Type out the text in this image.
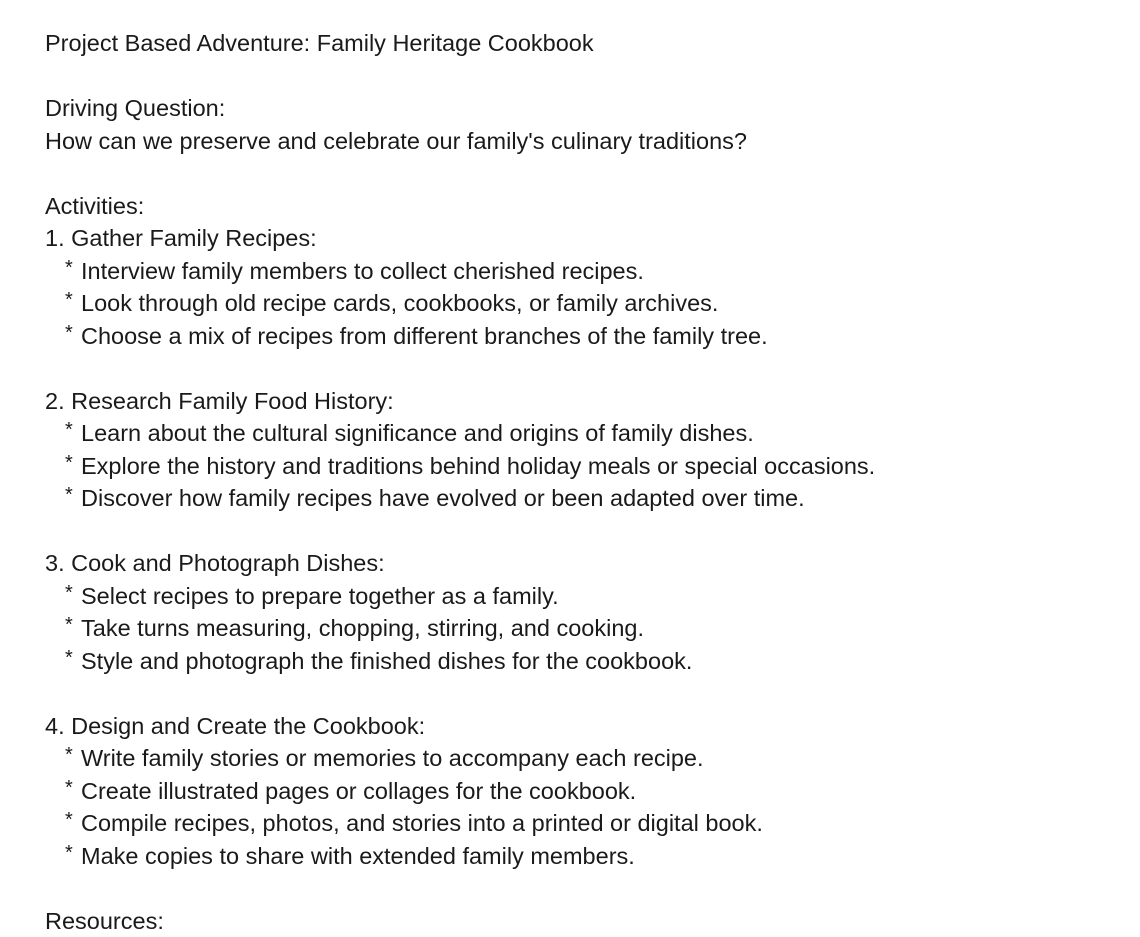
Project Based Adventure: Family Heritage Cookbook
Driving Question:
How can we preserve and celebrate our family's culinary traditions?
Activities:
1. Gather Family Recipes:
* Interview family members to collect cherished recipes.
* Look through old recipe cards, cookbooks, or family archives.
* Choose a mix of recipes from different branches of the family tree.
2. Research Family Food History:
* Learn about the cultural significance and origins of family dishes.
* Explore the history and traditions behind holiday meals or special occasions.
* Discover how family recipes have evolved or been adapted over time.
3. Cook and Photograph Dishes:
* Select recipes to prepare together as a family.
* Take turns measuring, chopping, stirring, and cooking.
* Style and photograph the finished dishes for the cookbook.
4. Design and Create the Cookbook:
* Write family stories or memories to accompany each recipe.
* Create illustrated pages or collages for the cookbook.
* Compile recipes, photos, and stories into a printed or digital book.
* Make copies to share with extended family members.
Resources:
